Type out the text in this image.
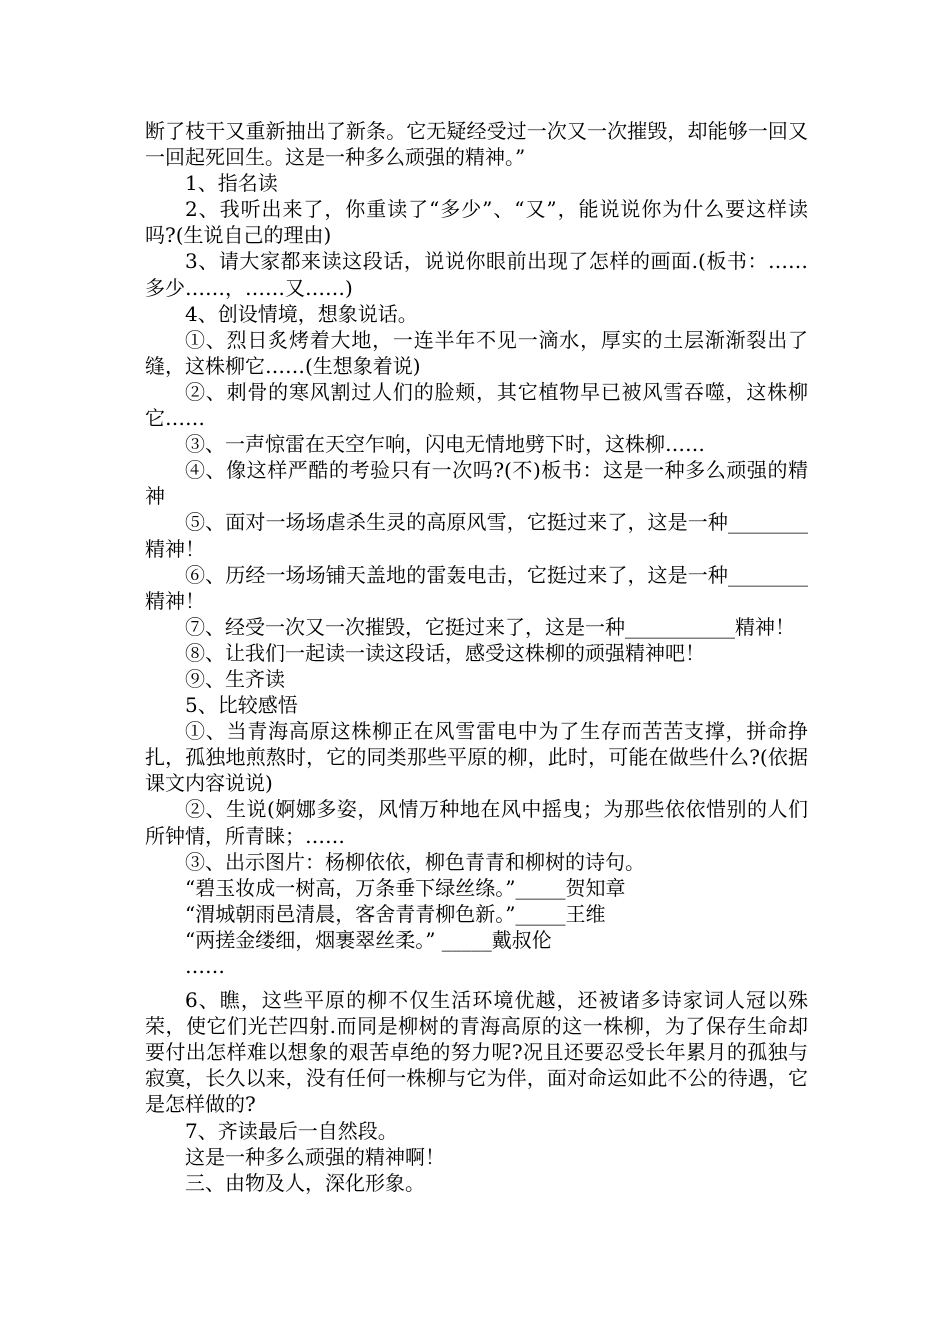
断了枝干又重新抽出了新条。它无疑经受过一次又一次摧毁，却能够一回又一回起死回生。这是一种多么顽强的精神。”

1、指名读

2、我听出来了，你重读了“多少”、“又”，能说说你为什么要这样读吗?(生说自己的理由)

3、请大家都来读这段话，说说你眼前出现了怎样的画面.(板书：……多少……，……又……)

4、创设情境，想象说话。

①、烈日炙烤着大地，一连半年不见一滴水，厚实的土层渐渐裂出了缝，这株柳它……(生想象着说)

②、刺骨的寒风割过人们的脸颊，其它植物早已被风雪吞噬，这株柳它……

③、一声惊雷在天空乍响，闪电无情地劈下时，这株柳……

④、像这样严酷的考验只有一次吗?(不)板书：这是一种多么顽强的精神

⑤、面对一场场虐杀生灵的高原风雪，它挺过来了，这是一种________精神！

⑥、历经一场场铺天盖地的雷轰电击，它挺过来了，这是一种________精神！

⑦、经受一次又一次摧毁，它挺过来了，这是一种___________精神！

⑧、让我们一起读一读这段话，感受这株柳的顽强精神吧！

⑨、生齐读

5、比较感悟

①、当青海高原这株柳正在风雪雷电中为了生存而苦苦支撑，拼命挣扎，孤独地煎熬时，它的同类那些平原的柳，此时，可能在做些什么?(依据课文内容说说)

②、生说(婀娜多姿，风情万种地在风中摇曳；为那些依依惜别的人们所钟情，所青睐；……

③、出示图片：杨柳依依，柳色青青和柳树的诗句。

“碧玉妆成一树高，万条垂下绿丝绦。”_____贺知章

“渭城朝雨邑清晨，客舍青青柳色新。”_____王维

“两搓金缕细，烟裹翠丝柔。” _____戴叔伦

……

6、瞧，这些平原的柳不仅生活环境优越，还被诸多诗家词人冠以殊荣，使它们光芒四射.而同是柳树的青海高原的这一株柳，为了保存生命却要付出怎样难以想象的艰苦卓绝的努力呢?况且还要忍受长年累月的孤独与寂寞，长久以来，没有任何一株柳与它为伴，面对命运如此不公的待遇，它是怎样做的?

7、齐读最后一自然段。

这是一种多么顽强的精神啊！

三、由物及人，深化形象。
